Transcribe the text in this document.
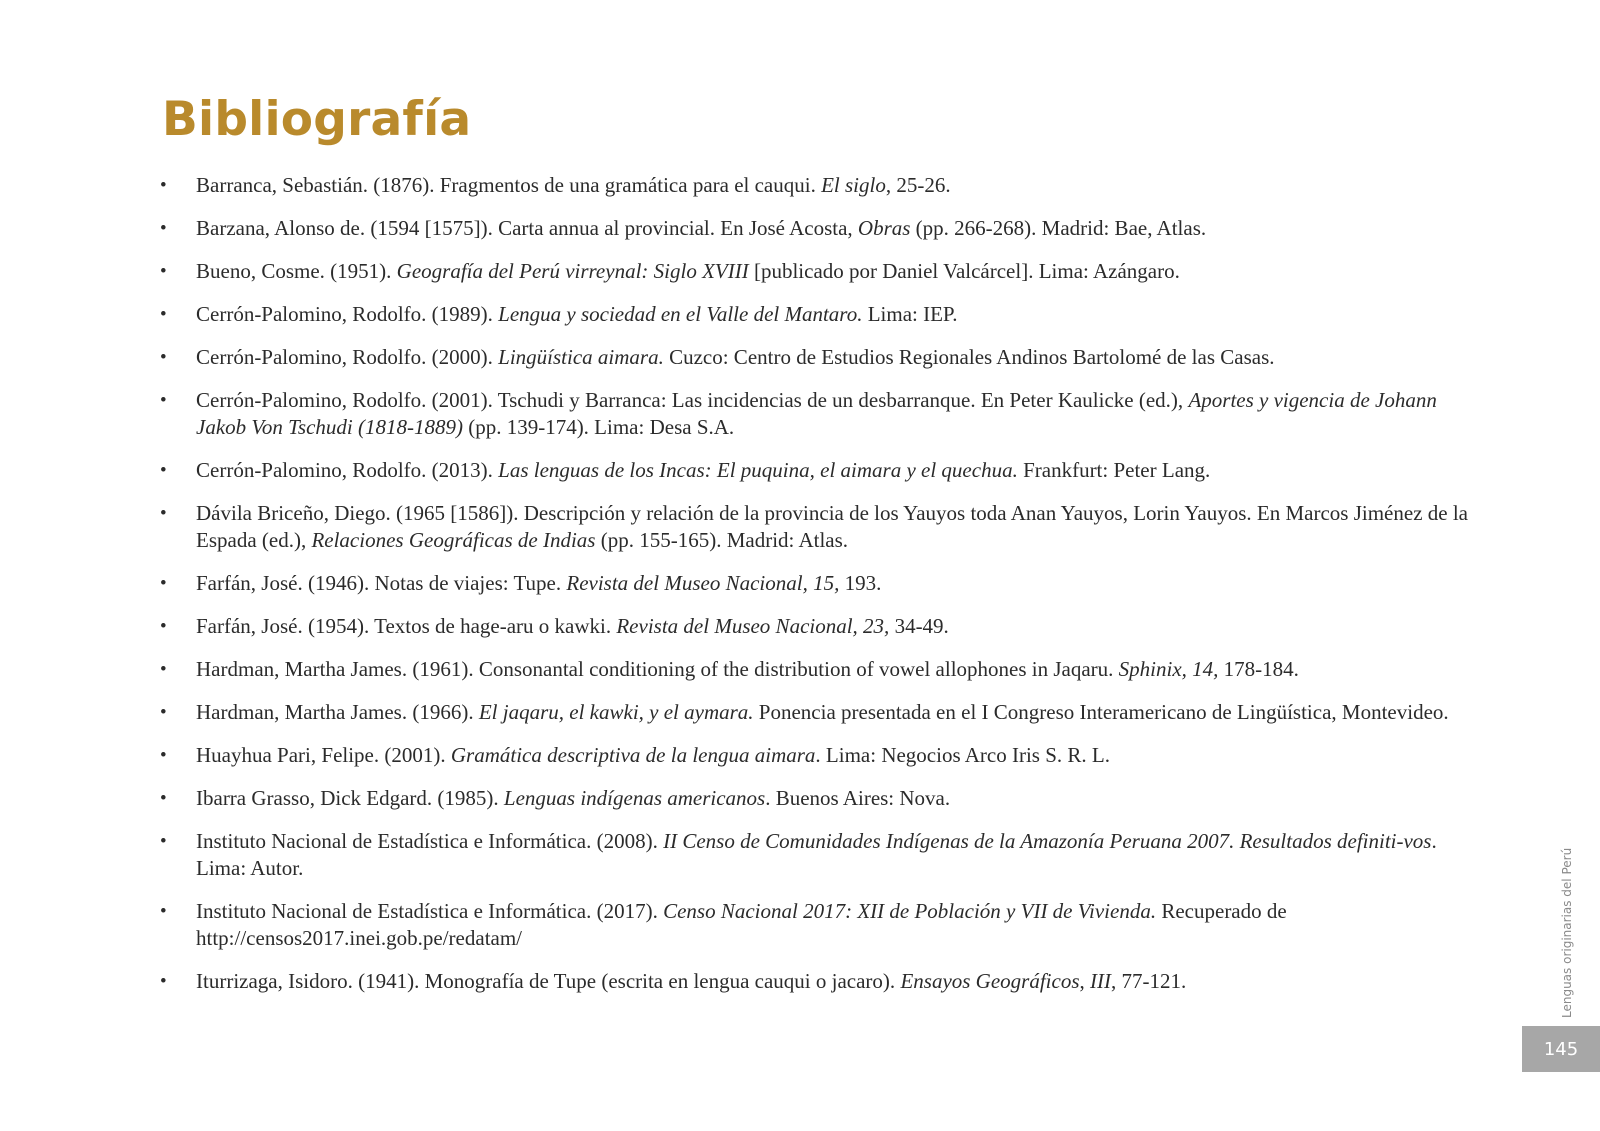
Bibliografía
•	Barranca, Sebastián. (1876). Fragmentos de una gramática para el cauqui. El siglo, 25-26.
•	Barzana, Alonso de. (1594 [1575]). Carta annua al provincial. En José Acosta, Obras (pp. 266-268). Madrid: Bae, Atlas.
•	Bueno, Cosme. (1951). Geografía del Perú virreynal: Siglo XVIII [publicado por Daniel Valcárcel]. Lima: Azángaro.
•	Cerrón-Palomino, Rodolfo. (1989). Lengua y sociedad en el Valle del Mantaro. Lima: IEP.
•	Cerrón-Palomino, Rodolfo. (2000). Lingüística aimara. Cuzco: Centro de Estudios Regionales Andinos Bartolomé de las Casas.
•	Cerrón-Palomino, Rodolfo. (2001). Tschudi y Barranca: Las incidencias de un desbarranque. En Peter Kaulicke (ed.), Aportes y vigencia de Johann Jakob Von Tschudi (1818-1889) (pp. 139-174). Lima: Desa S.A.
•	Cerrón-Palomino, Rodolfo. (2013). Las lenguas de los Incas: El puquina, el aimara y el quechua. Frankfurt: Peter Lang.
•	Dávila Briceño, Diego. (1965 [1586]). Descripción y relación de la provincia de los Yauyos toda Anan Yauyos, Lorin Yauyos. En Marcos Jiménez de la Espada (ed.), Relaciones Geográficas de Indias (pp. 155-165). Madrid: Atlas.
•	Farfán, José. (1946). Notas de viajes: Tupe. Revista del Museo Nacional, 15, 193.
•	Farfán, José. (1954). Textos de hage-aru o kawki. Revista del Museo Nacional, 23, 34-49.
•	Hardman, Martha James. (1961). Consonantal conditioning of the distribution of vowel allophones in Jaqaru. Sphinix, 14, 178-184.
•	Hardman, Martha James. (1966). El jaqaru, el kawki, y el aymara. Ponencia presentada en el I Congreso Interamericano de Lingüística, Montevideo.
•	Huayhua Pari, Felipe. (2001). Gramática descriptiva de la lengua aimara. Lima: Negocios Arco Iris S. R. L.
•	Ibarra Grasso, Dick Edgard. (1985). Lenguas indígenas americanos. Buenos Aires: Nova.
•	Instituto Nacional de Estadística e Informática. (2008). II Censo de Comunidades Indígenas de la Amazonía Peruana 2007. Resultados definiti-vos. Lima: Autor.
•	Instituto Nacional de Estadística e Informática. (2017). Censo Nacional 2017: XII de Población y VII de Vivienda. Recuperado de http://censos2017.inei.gob.pe/redatam/
•	Iturrizaga, Isidoro. (1941). Monografía de Tupe (escrita en lengua cauqui o jacaro). Ensayos Geográficos, III, 77-121.	Lenguas originarias del Perú
145
